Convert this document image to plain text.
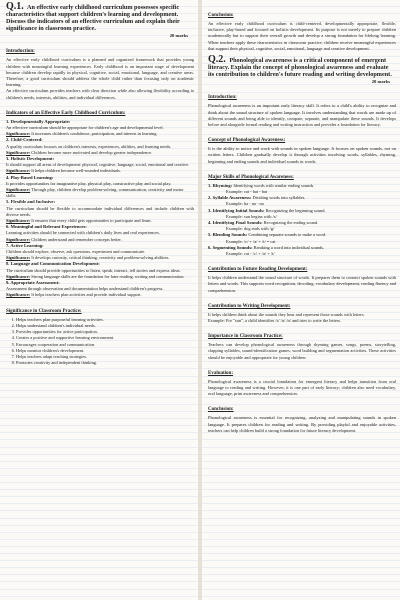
Q.1. An effective early childhood curriculum possesses specific characteristics that support children's learning and development. Discuss the indicators of an effective curriculum and explain their significance in classroom practice.

20 marks
Introduction:

An effective early childhood curriculum is a planned and organized framework that provides young children with meaningful learning experiences. Early childhood is an important stage of development because children develop rapidly in physical, cognitive, social, emotional, language, and creative areas. Therefore, a good curriculum should address the whole child rather than focusing only on academic learning.

An effective curriculum provides teachers with clear direction while also allowing flexibility according to children's needs, interests, abilities, and individual differences.

Indicators of an Effective Early Childhood Curriculum:

1. Developmentally Appropriate:

An effective curriculum should be appropriate for children's age and developmental level.

Significance: It increases children's confidence, participation, and interest in learning.

2. Child-Centered:

A quality curriculum focuses on children's interests, experiences, abilities, and learning needs.

Significance: Children become more motivated and develop greater independence.

3. Holistic Development:

It should support all areas of development: physical, cognitive, language, social, emotional and creative.

Significance: It helps children become well-rounded individuals.

4. Play-Based Learning:

It provides opportunities for imaginative play, physical play, constructive play and social play.

Significance: Through play, children develop problem-solving, communication, creativity and motor skills.

5. Flexible and Inclusive:

The curriculum should be flexible to accommodate individual differences and include children with diverse needs.

Significance: It ensures that every child gets opportunities to participate and learn.

6. Meaningful and Relevant Experiences:

Learning activities should be connected with children's daily lives and real experiences.

Significance: Children understand and remember concepts better.

7. Active Learning:

Children should explore, observe, ask questions, experiment and communicate.

Significance: It develops curiosity, critical thinking, creativity and problem-solving abilities.

8. Language and Communication Development:

The curriculum should provide opportunities to listen, speak, interact, tell stories and express ideas.

Significance: Strong language skills are the foundation for later reading, writing and communication.

9. Appropriate Assessment:

Assessment through observation and documentation helps understand children's progress.

Significance: It helps teachers plan activities and provide individual support.

Significance in Classroom Practice:
1. Helps teachers plan purposeful learning activities.
2. Helps understand children's individual needs.
3. Provides opportunities for active participation.
4. Creates a positive and supportive learning environment.
5. Encourages cooperation and communication.
6. Helps monitor children's development.
7. Helps teachers adapt teaching strategies.
8. Promotes creativity and independent thinking.
Conclusion:

An effective early childhood curriculum is child-centered, developmentally appropriate, flexible, inclusive, play-based and focused on holistic development. Its purpose is not merely to prepare children academically but to support their overall growth and develop a strong foundation for lifelong learning. When teachers apply these characteristics in classroom practice, children receive meaningful experiences that support their physical, cognitive, social, emotional, language and creative development.

Q.2. Phonological awareness is a critical component of emergent literacy. Explain the concept of phonological awareness and evaluate its contribution to children's future reading and writing development.

20 marks
Introduction:

Phonological awareness is an important early literacy skill. It refers to a child's ability to recognize and think about the sound structure of spoken language. It involves understanding that words are made up of different sounds and being able to identify, compare, separate, and manipulate these sounds. It develops before and alongside formal reading and writing instruction and provides a foundation for literacy.

Concept of Phonological Awareness:

It is the ability to notice and work with sounds in spoken language. It focuses on spoken sounds, not on written letters. Children gradually develop it through activities involving words, syllables, rhyming, beginning and ending sounds and individual sounds in words.

Major Skills of Phonological Awareness:

1. Rhyming: Identifying words with similar ending sounds.

Example: cat - hat - bat

2. Syllable Awareness: Dividing words into syllables.

Example: ba - na - na

3. Identifying Initial Sounds: Recognizing the beginning sound.

Example: sun begins with /s/

4. Identifying Final Sounds: Recognizing the ending sound.

Example: dog ends with /g/

5. Blending Sounds: Combining separate sounds to make a word.

Example: /c/ + /a/ + /t/ = cat

6. Segmenting Sounds: Breaking a word into individual sounds.

Example: cat - /c/ + /a/ + /t/

Contribution to Future Reading Development:

It helps children understand the sound structure of words. It prepares them to connect spoken sounds with letters and words. This supports word recognition, decoding, vocabulary development, reading fluency and comprehension.

Contribution to Writing Development:

It helps children think about the sounds they hear and represent those sounds with letters.

Example: For "sun", a child identifies /s/ /u/ /n/ and tries to write the letters.

Importance in Classroom Practice:

Teachers can develop phonological awareness through rhyming games, songs, poems, storytelling, clapping syllables, sound-identification games, word building and segmentation activities. These activities should be enjoyable and appropriate for young children.

Evaluation:

Phonological awareness is a crucial foundation for emergent literacy and helps transition from oral language to reading and writing. However, it is one part of early literacy; children also need vocabulary, oral language, print awareness and comprehension.

Conclusion:

Phonological awareness is essential for recognizing, analyzing and manipulating sounds in spoken language. It prepares children for reading and writing. By providing playful and enjoyable activities, teachers can help children build a strong foundation for future literacy development.
